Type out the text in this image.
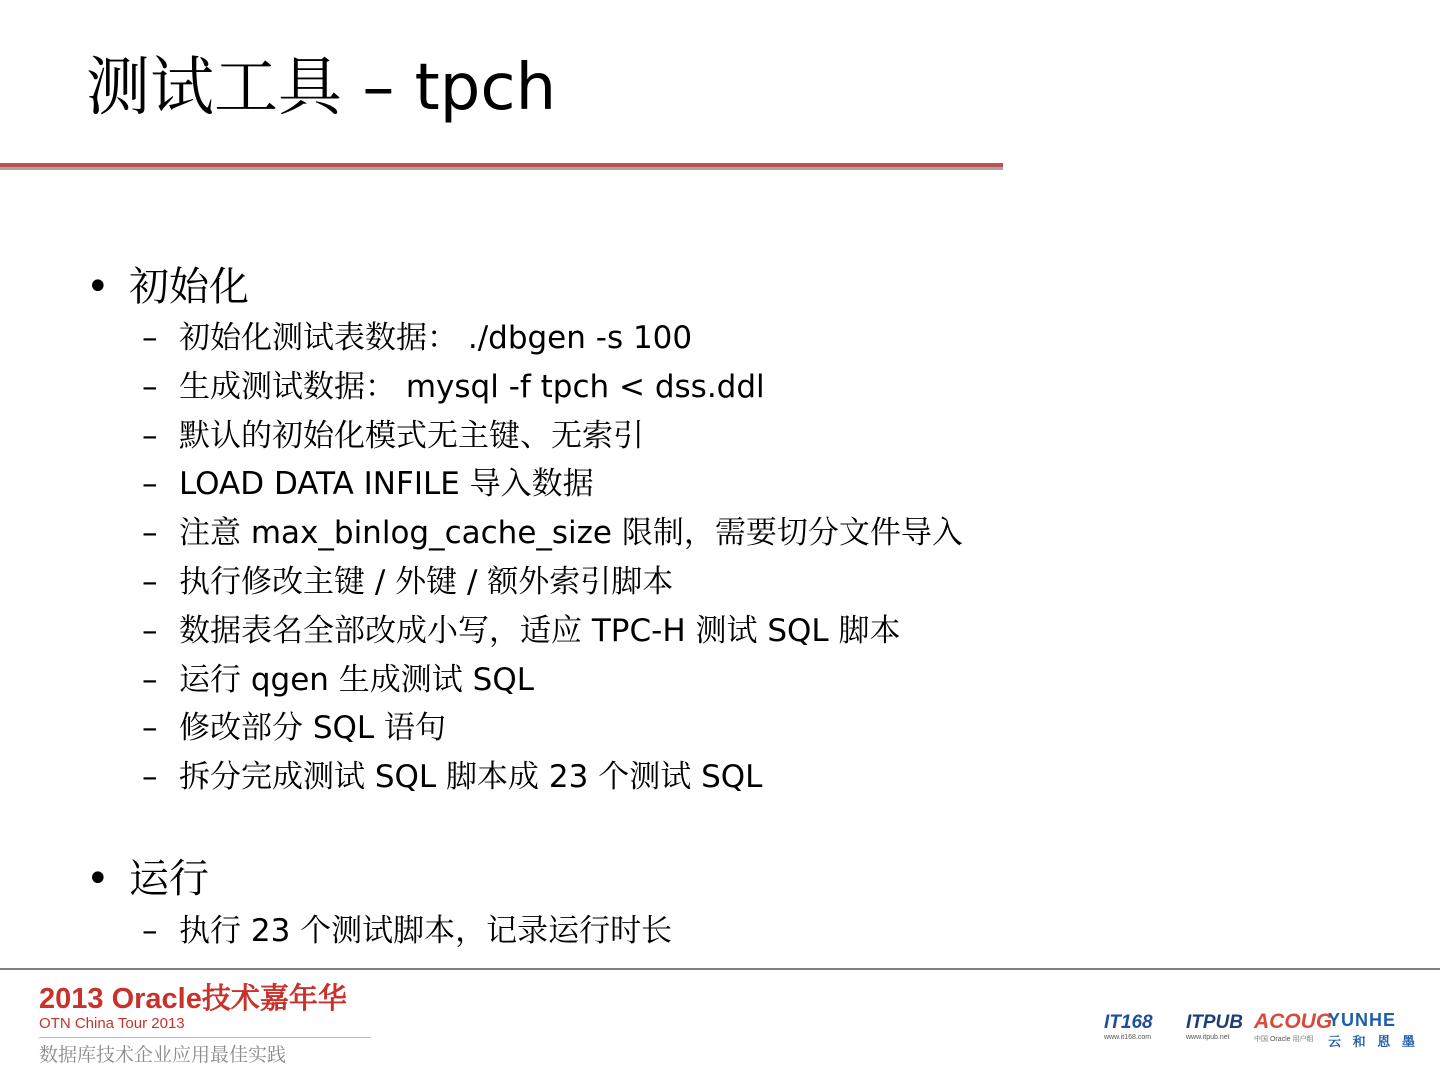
测试工具 – tpch
• 初始化
– 初始化测试表数据： ./dbgen -s 100
– 生成测试数据： mysql -f tpch < dss.ddl
– 默认的初始化模式无主键、无索引
– LOAD DATA INFILE 导入数据
– 注意 max_binlog_cache_size 限制，需要切分文件导入
– 执行修改主键 / 外键 / 额外索引脚本
– 数据表名全部改成小写，适应 TPC-H 测试 SQL 脚本
– 运行 qgen 生成测试 SQL
– 修改部分 SQL 语句
– 拆分完成测试 SQL 脚本成 23 个测试 SQL
• 运行
– 执行 23 个测试脚本，记录运行时长
2013 Oracle技术嘉年华
OTN China Tour 2013
数据库技术企业应用最佳实践
IT168
www.it168.com
ITPUB
www.itpub.net
ACOUG
中国 Oracle 用户组
YUNHE
云 和 恩 墨
